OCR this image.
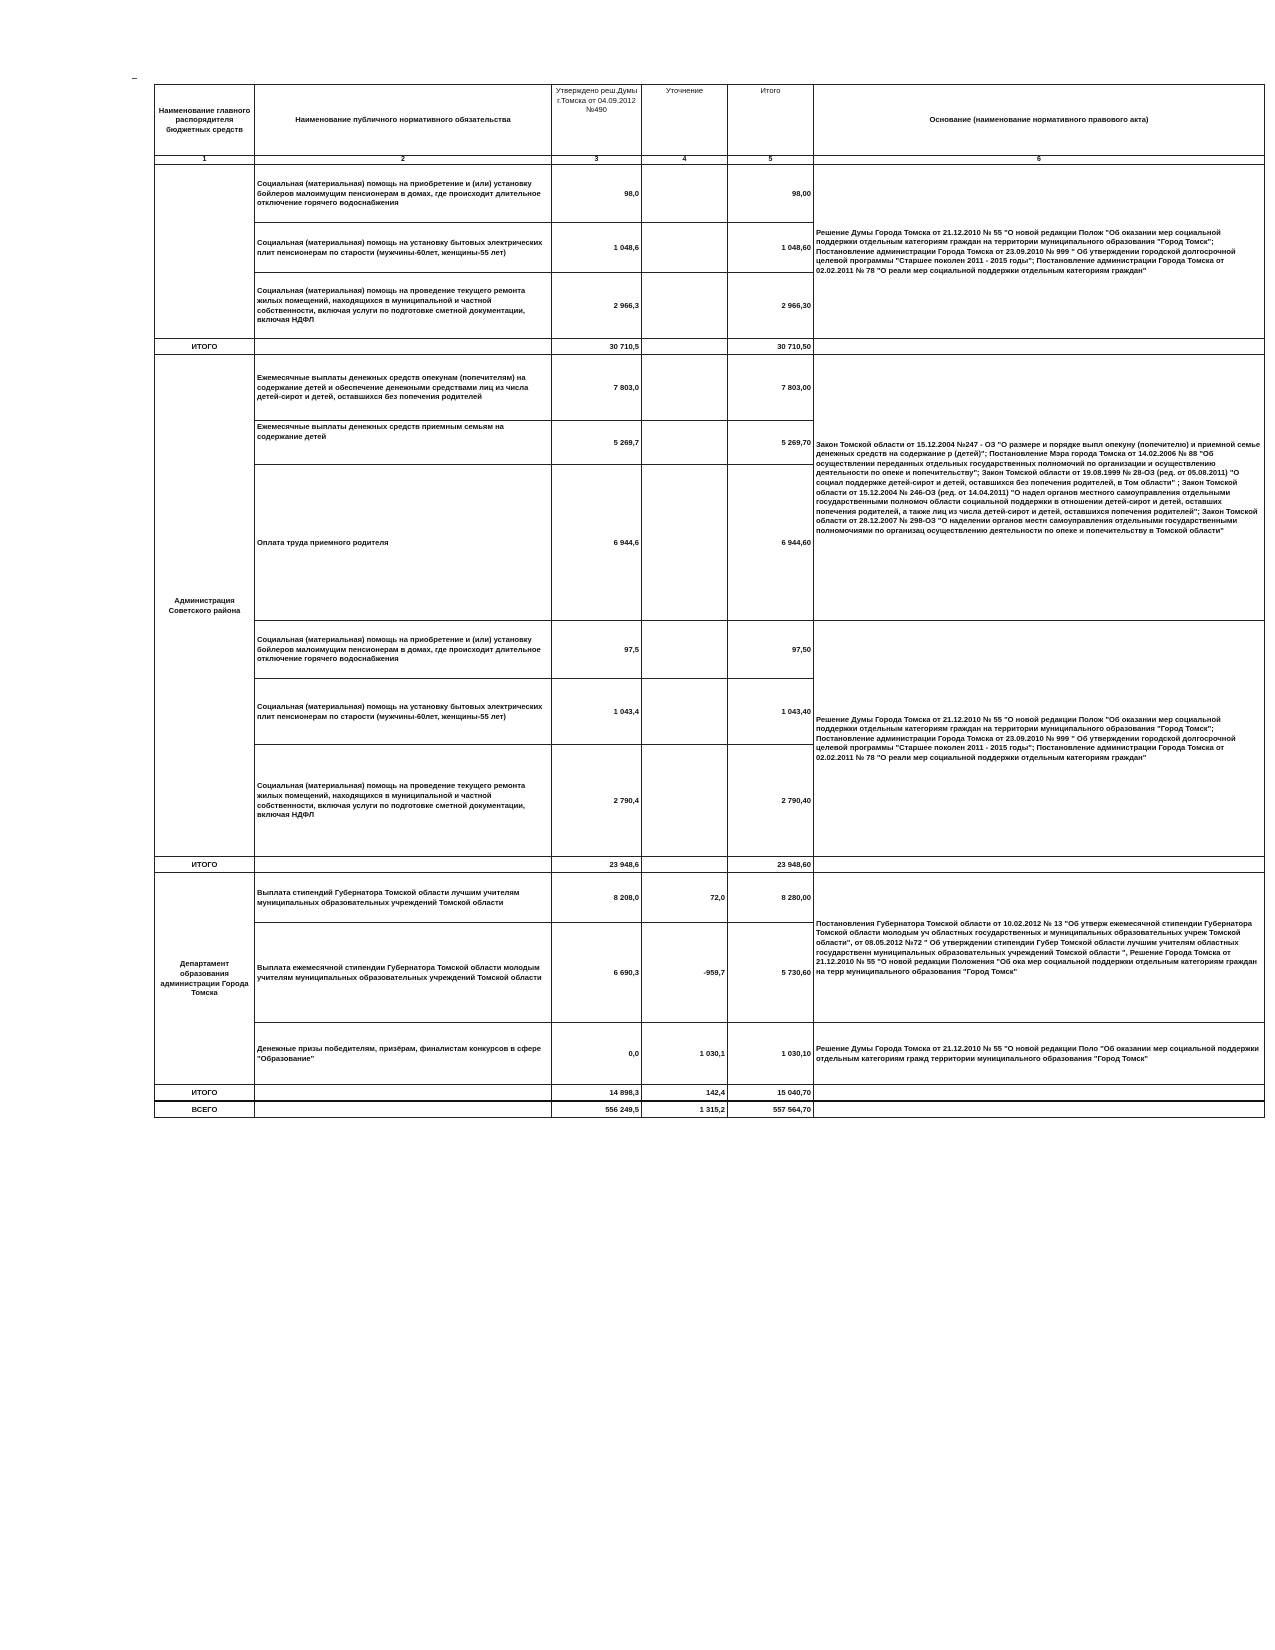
Наименование главного распорядителя бюджетных средств	Наименование публичного нормативного обязательства	Утверждено реш.Думы г.Томска от 04.09.2012 №490	Уточнение	Итого	Основание (наименование нормативного правового акта)
1	2	3	4	5	6
	Социальная (материальная) помощь на приобретение и (или) установку бойлеров малоимущим пенсионерам в домах, где происходит длительное отключение горячего водоснабжения	98,0		98,00	Решение Думы Города Томска от 21.12.2010 № 55 "О новой редакции Полож "Об оказании мер социальной поддержки отдельным категориям граждан на территории муниципального образования "Город Томск"; Постановление администрации Города Томска от 23.09.2010 № 999 " Об утверждении городской долгосрочной целевой программы "Старшее поколен 2011 - 2015 годы"; Постановление администрации Города Томска от 02.02.2011 № 78 "О реали мер социальной поддержки отдельным категориям граждан"
	Социальная (материальная) помощь на установку бытовых электрических плит пенсионерам по старости (мужчины-60лет, женщины-55 лет)	1 048,6		1 048,60	
	Социальная (материальная) помощь на проведение текущего ремонта жилых помещений, находящихся в муниципальной и частной собственности, включая услуги по подготовке сметной документации, включая НДФЛ	2 966,3		2 966,30	
ИТОГО		30 710,5		30 710,50	
Администрация Советского района	Ежемесячные выплаты денежных средств опекунам (попечителям) на содержание детей и обеспечение денежными средствами лиц из числа детей-сирот и детей, оставшихся без попечения родителей	7 803,0		7 803,00	Закон Томской области от 15.12.2004 №247 - ОЗ "О размере и порядке выпл опекуну (попечителю) и приемной семье денежных средств на содержание р (детей)"; Постановление Мэра города Томска от 14.02.2006 № 88 "Об осуществлении переданных отдельных государственных полномочий по организации и осуществлению деятельности по опеке и попечительству"; Закон Томской области от 19.08.1999 № 28-ОЗ (ред. от 05.08.2011) "О социал поддержке детей-сирот и детей, оставшихся без попечения родителей, в Том области" ; Закон Томской области от 15.12.2004 № 246-ОЗ (ред. от 14.04.2011) "О надел органов местного самоуправления отдельными государственными полномоч области социальной поддержки в отношении детей-сирот и детей, оставших попечения родителей, а также лиц из числа детей-сирот и детей, оставшихся попечения родителей"; Закон Томской области от 28.12.2007 № 298-ОЗ "О наделении органов местн самоуправления отдельными государственными полномочиями по организац осуществлению деятельности по опеке и попечительству в Томской области"
	Ежемесячные выплаты денежных средств приемным семьям на содержание детей	5 269,7		5 269,70	
	Оплата труда приемного родителя	6 944,6		6 944,60	
	Социальная (материальная) помощь на приобретение и (или) установку бойлеров малоимущим пенсионерам в домах, где происходит длительное отключение горячего водоснабжения	97,5		97,50	Решение Думы Города Томска от 21.12.2010 № 55 "О новой редакции Полож "Об оказании мер социальной поддержки отдельным категориям граждан на территории муниципального образования "Город Томск"; Постановление администрации Города Томска от 23.09.2010 № 999 " Об утверждении городской долгосрочной целевой программы "Старшее поколен 2011 - 2015 годы"; Постановление администрации Города Томска от 02.02.2011 № 78 "О реали мер социальной поддержки отдельным категориям граждан"
	Социальная (материальная) помощь на установку бытовых электрических плит пенсионерам по старости (мужчины-60лет, женщины-55 лет)	1 043,4		1 043,40	
	Социальная (материальная) помощь на проведение текущего ремонта жилых помещений, находящихся в муниципальной и частной собственности, включая услуги по подготовке сметной документации, включая НДФЛ	2 790,4		2 790,40	
ИТОГО		23 948,6		23 948,60	
Департамент образования администрации Города Томска	Выплата стипендий Губернатора Томской области лучшим учителям муниципальных образовательных учреждений Томской области	8 208,0	72,0	8 280,00	Постановления Губернатора Томской области от 10.02.2012 № 13 "Об утверж ежемесячной стипендии Губернатора Томской области молодым уч областных государственных и муниципальных образовательных учреж Томской области", от 08.05.2012 №72 " Об утверждении стипендии Губер Томской области лучшим учителям областных государственн муниципальных образовательных учреждений Томской области ", Решение Города Томска от 21.12.2010 № 55 "О новой редакции Положения "Об ока мер социальной поддержки отдельным категориям граждан на терр муниципального образования "Город Томск"
	Выплата ежемесячной стипендии Губернатора Томской области молодым учителям муниципальных образовательных учреждений Томской области	6 690,3	-959,7	5 730,60	
	Денежные призы победителям, призёрам, финалистам конкурсов в сфере "Образование"	0,0	1 030,1	1 030,10	Решение Думы Города Томска от 21.12.2010 № 55 "О новой редакции Поло "Об оказании мер социальной поддержки отдельным категориям гражд территории муниципального образования "Город Томск"
ИТОГО		14 898,3	142,4	15 040,70	
ВСЕГО		556 249,5	1 315,2	557 564,70	
